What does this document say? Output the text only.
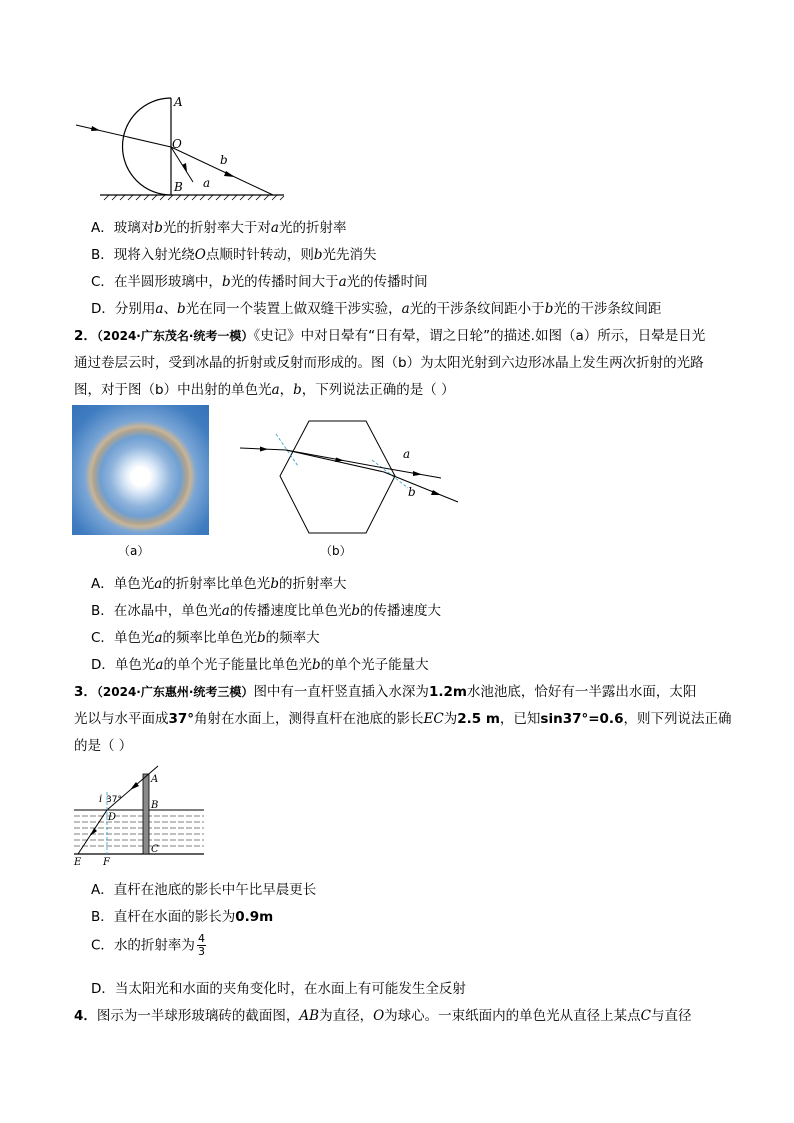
A
O
B a
b
A．玻璃对b光的折射率大于对a光的折射率
B．现将入射光绕O点顺时针转动，则b光先消失
C．在半圆形玻璃中，b光的传播时间大于a光的传播时间
D．分别用a、b光在同一个装置上做双缝干涉实验，a光的干涉条纹间距小于b光的干涉条纹间距
2．（2024·广东茂名·统考一模）《史记》中对日晕有“日有晕，谓之日轮”的描述.如图（a）所示，日晕是日光
通过卷层云时，受到冰晶的折射或反射而形成的。图（b）为太阳光射到六边形冰晶上发生两次折射的光路
图，对于图（b）中出射的单色光a，b，下列说法正确的是（ ）
（a）
a
b
（b）
A．单色光a的折射率比单色光b的折射率大
B．在冰晶中，单色光a的传播速度比单色光b的传播速度大
C．单色光a的频率比单色光b的频率大
D．单色光a的单个光子能量比单色光b的单个光子能量大
3．（2024·广东惠州·统考三模）图中有一直杆竖直插入水深为1.2m水池池底，恰好有一半露出水面，太阳
光以与水平面成37°角射在水面上，测得直杆在池底的影长EC为2.5 m，已知sin37°=0.6，则下列说法正确
的是（ ）
37°
i
A
B
C
D
E F
A．直杆在池底的影长中午比早晨更长
B．直杆在水面的影长为0.9m
C．水的折射率为 $\frac{4}{3}$
D．当太阳光和水面的夹角变化时，在水面上有可能发生全反射
4．图示为一半球形玻璃砖的截面图，AB为直径，O为球心。一束纸面内的单色光从直径上某点C与直径
